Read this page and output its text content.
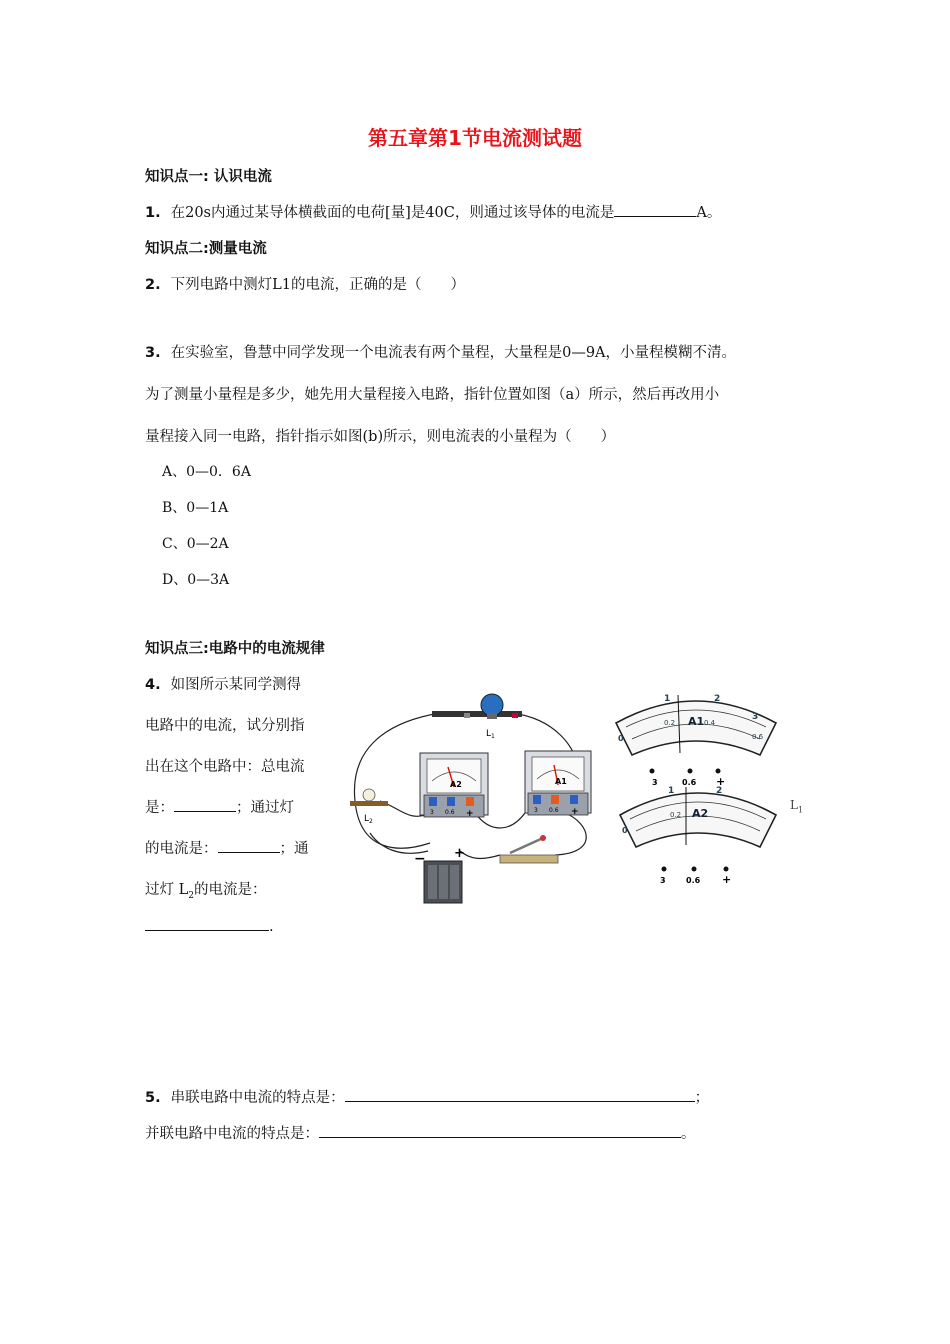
第五章第1节电流测试题
知识点一: 认识电流
1. 在20s内通过某导体横截面的电荷[量]是40C，则通过该导体的电流是	A。
知识点二:测量电流
2. 下列电路中测灯L1的电流，正确的是（　　）
3. 在实验室，鲁慧中同学发现一个电流表有两个量程，大量程是0—9A，小量程模糊不清。
为了测量小量程是多少，她先用大量程接入电路，指针位置如图（a）所示，然后再改用小
量程接入同一电路，指针指示如图(b)所示，则电流表的小量程为（　　）
A、0—0．6A
B、0—1A
C、0—2A
D、0—3A
知识点三:电路中的电流规律
4. 如图所示某同学测得
电路中的电流，试分别指
出在这个电路中：总电流
是：	；通过灯
的电流是：	；通
过灯 $L_2$的电流是：
.
$L_1$
$L_2$
A2
3 0.6 +
A1
3 0.6 +
− +
1	2
3
0
0.2	0.4
0.6
A1
3	0.6 +
1	2
0
0.2 A2
3	0.6 +
$L_1$
5. 串联电路中电流的特点是：	；
并联电路中电流的特点是：	。
